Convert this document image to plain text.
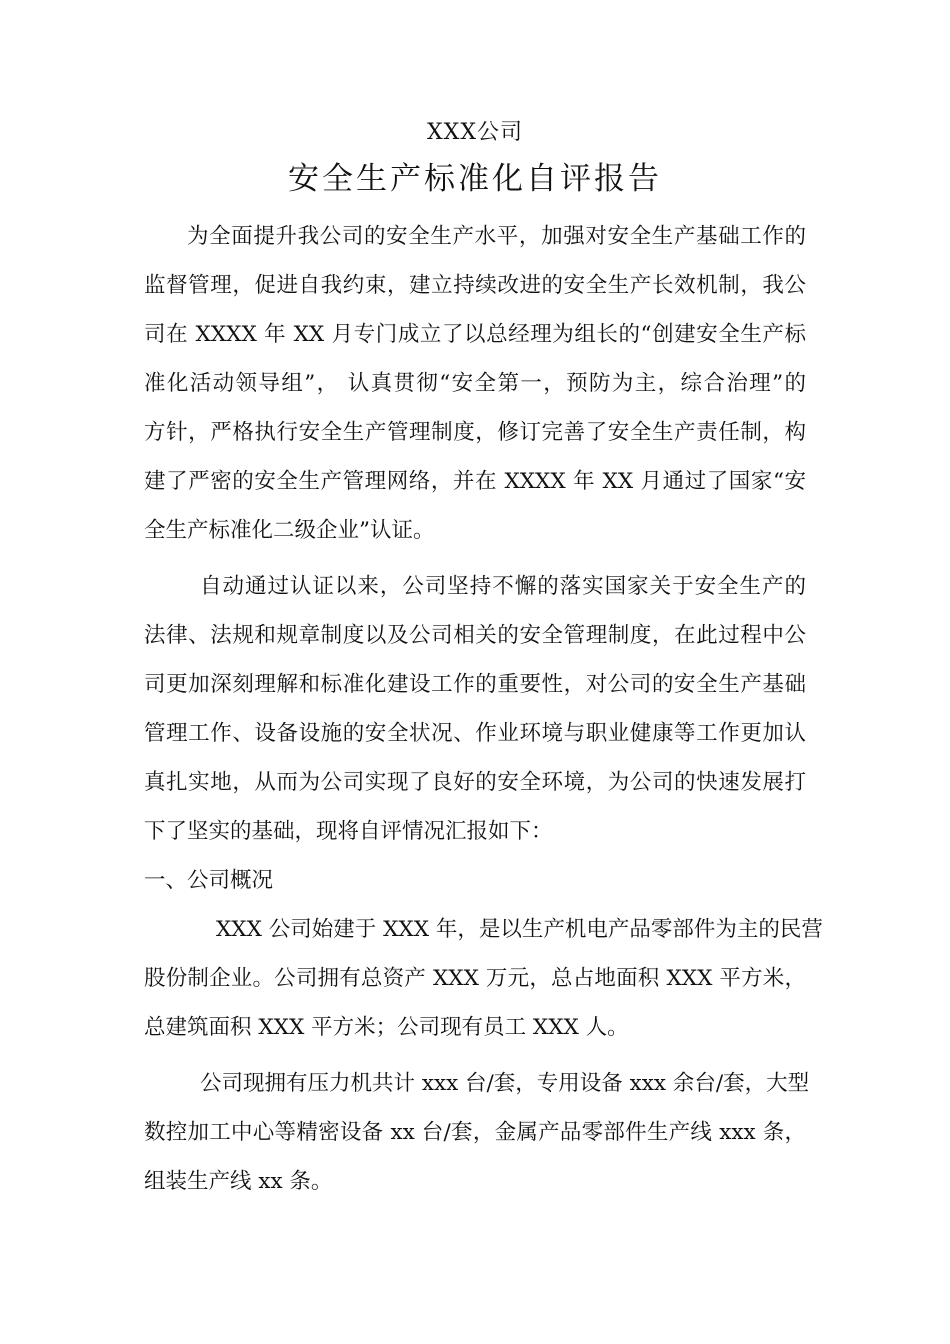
XXX公司
安全生产标准化自评报告
为全面提升我公司的安全生产水平，加强对安全生产基础工作的
监督管理，促进自我约束，建立持续改进的安全生产长效机制，我公
司在 XXXX 年 XX 月专门成立了以总经理为组长的“创建安全生产标
准化活动领导组”， 认真贯彻“安全第一，预防为主，综合治理”的
方针，严格执行安全生产管理制度，修订完善了安全生产责任制，构
建了严密的安全生产管理网络，并在 XXXX 年 XX 月通过了国家“安
全生产标准化二级企业”认证。
自动通过认证以来，公司坚持不懈的落实国家关于安全生产的
法律、法规和规章制度以及公司相关的安全管理制度，在此过程中公
司更加深刻理解和标准化建设工作的重要性，对公司的安全生产基础
管理工作、设备设施的安全状况、作业环境与职业健康等工作更加认
真扎实地，从而为公司实现了良好的安全环境，为公司的快速发展打
下了坚实的基础，现将自评情况汇报如下：
一、公司概况
XXX 公司始建于 XXX 年，是以生产机电产品零部件为主的民营
股份制企业。公司拥有总资产 XXX 万元，总占地面积 XXX 平方米，
总建筑面积 XXX 平方米；公司现有员工 XXX 人。
公司现拥有压力机共计 xxx 台/套，专用设备 xxx 余台/套，大型
数控加工中心等精密设备 xx 台/套，金属产品零部件生产线 xxx 条，
组装生产线 xx 条。
